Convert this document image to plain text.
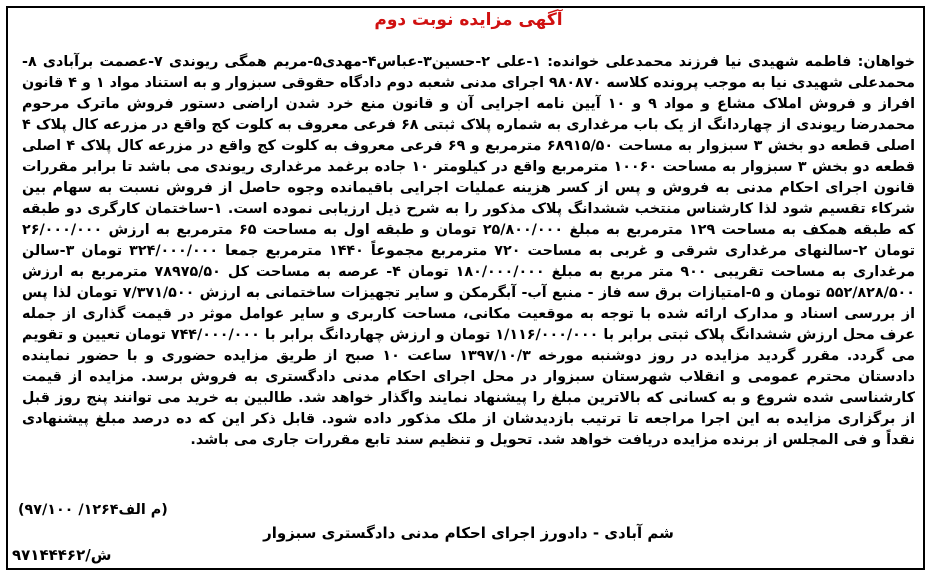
آگهی مزایده نوبت دوم

خواهان: فاطمه شهیدی نیا فرزند محمدعلی خوانده: ۱-علی ۲-حسین۳-عباس۴-مهدی۵-مریم همگی ریوندی ۷-عصمت برآبادی ۸-محمدعلی شهیدی نیا به موجب پرونده کلاسه ۹۸۰۸۷۰ اجرای مدنی شعبه دوم دادگاه حقوقی سبزوار و به استناد مواد ۱ و ۴ قانون افراز و فروش املاک مشاع و مواد ۹ و ۱۰ آیین نامه اجرایی آن و قانون منع خرد شدن اراضی دستور فروش ماترک مرحوم محمدرضا ریوندی از چهاردانگ از یک باب مرغداری به شماره پلاک ثبتی ۶۸ فرعی معروف به کلوت کج واقع در مزرعه کال پلاک ۴ اصلی قطعه دو بخش ۳ سبزوار به مساحت ۶۸۹۱۵/۵۰ مترمربع و ۶۹ فرعی معروف به کلوت کج واقع در مزرعه کال پلاک ۴ اصلی قطعه دو بخش ۳ سبزوار به مساحت ۱۰۰۶۰ مترمربع واقع در کیلومتر ۱۰ جاده برغمد مرغداری ریوندی می باشد تا برابر مقررات قانون اجرای احکام مدنی به فروش و پس از کسر هزینه عملیات اجرایی باقیمانده وجوه حاصل از فروش نسبت به سهام بین شرکاء تقسیم شود لذا کارشناس منتخب ششدانگ پلاک مذکور را به شرح ذیل ارزیابی نموده است. ۱-ساختمان کارگری دو طبقه که طبقه همکف به مساحت ۱۲۹ مترمربع به مبلغ ۲۵/۸۰۰/۰۰۰ تومان و طبقه اول به مساحت ۶۵ مترمربع به ارزش ۲۶/۰۰۰/۰۰۰ تومان ۲-سالنهای مرغداری شرقی و غربی به مساحت ۷۲۰ مترمربع مجموعاً ۱۴۴۰ مترمربع جمعا ۳۲۴/۰۰۰/۰۰۰ تومان ۳-سالن مرغداری به مساحت تقریبی ۹۰۰ متر مربع به مبلغ ۱۸۰/۰۰۰/۰۰۰ تومان ۴- عرصه به مساحت کل ۷۸۹۷۵/۵۰ مترمربع به ارزش ۵۵۲/۸۲۸/۵۰۰ تومان و ۵-امتیازات برق سه فاز - منبع آب- آبگرمکن و سایر تجهیزات ساختمانی به ارزش ۷/۳۷۱/۵۰۰ تومان لذا پس از بررسی اسناد و مدارک ارائه شده با توجه به موقعیت مکانی، مساحت کاربری و سایر عوامل موثر در قیمت گذاری از جمله عرف محل ارزش ششدانگ پلاک ثبتی برابر با ۱/۱۱۶/۰۰۰/۰۰۰ تومان و ارزش چهاردانگ برابر با ۷۴۴/۰۰۰/۰۰۰ تومان تعیین و تقویم می گردد. مقرر گردید مزایده در روز دوشنبه مورخه ۱۳۹۷/۱۰/۳ ساعت ۱۰ صبح از طریق مزایده حضوری و با حضور نماینده دادستان محترم عمومی و انقلاب شهرستان سبزوار در محل اجرای احکام مدنی دادگستری به فروش برسد. مزایده از قیمت کارشناسی شده شروع و به کسانی که بالاترین مبلغ را پیشنهاد نمایند واگذار خواهد شد. طالبین به خرید می توانند پنج روز قبل از برگزاری مزایده به این اجرا مراجعه تا ترتیب بازدیدشان از ملک مذکور داده شود. قابل ذکر این که ده درصد مبلغ پیشنهادی نقداً و فی المجلس از برنده مزایده دریافت خواهد شد. تحویل و تنظیم سند تابع مقررات جاری می باشد.

(م الف۱۲۶۴/ ۹۷/۱۰۰)

شم آبادی - دادورز اجرای احکام مدنی دادگستری سبزوار
ش/۹۷۱۴۴۴۶۲
